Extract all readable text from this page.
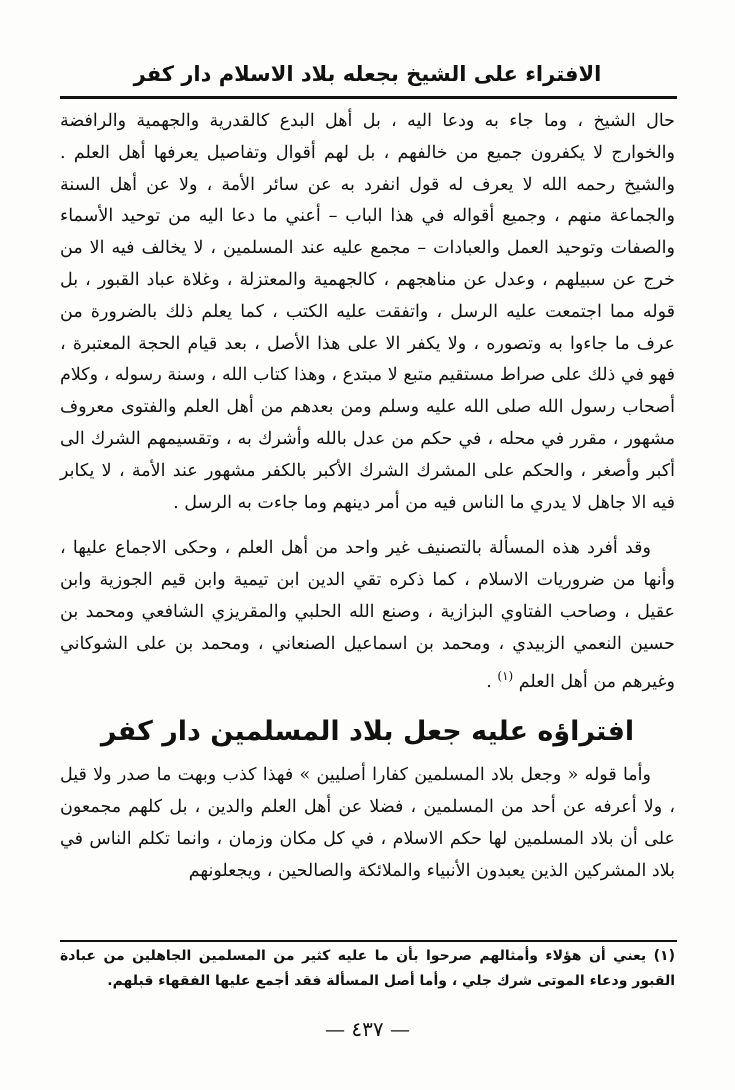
الافتراء على الشيخ بجعله بلاد الاسلام دار كفر

حال الشيخ ، وما جاء به ودعا اليه ، بل أهل البدع كالقدرية والجهمية والرافضة والخوارج لا يكفرون جميع من خالفهم ، بل لهم أقوال وتفاصيل يعرفها أهل العلم . والشيخ رحمه الله لا يعرف له قول انفرد به عن سائر الأمة ، ولا عن أهل السنة والجماعة منهم ، وجميع أقواله في هذا الباب – أعني ما دعا اليه من توحيد الأسماء والصفات وتوحيد العمل والعبادات – مجمع عليه عند المسلمين ، لا يخالف فيه الا من خرج عن سبيلهم ، وعدل عن مناهجهم ، كالجهمية والمعتزلة ، وغلاة عباد القبور ، بل قوله مما اجتمعت عليه الرسل ، واتفقت عليه الكتب ، كما يعلم ذلك بالضرورة من عرف ما جاءوا به وتصوره ، ولا يكفر الا على هذا الأصل ، بعد قيام الحجة المعتبرة ، فهو في ذلك على صراط مستقيم متبع لا مبتدع ، وهذا كتاب الله ، وسنة رسوله ، وكلام أصحاب رسول الله صلى الله عليه وسلم ومن بعدهم من أهل العلم والفتوى معروف مشهور ، مقرر في محله ، في حكم من عدل بالله وأشرك به ، وتقسيمهم الشرك الى أكبر وأصغر ، والحكم على المشرك الشرك الأكبر بالكفر مشهور عند الأمة ، لا يكابر فيه الا جاهل لا يدري ما الناس فيه من أمر دينهم وما جاءت به الرسل .

وقد أفرد هذه المسألة بالتصنيف غير واحد من أهل العلم ، وحكى الاجماع عليها ، وأنها من ضروريات الاسلام ، كما ذكره تقي الدين ابن تيمية وابن قيم الجوزية وابن عقيل ، وصاحب الفتاوي البزازية ، وصنع الله الحلبي والمقريزي الشافعي ومحمد بن حسين النعمي الزبيدي ، ومحمد بن اسماعيل الصنعاني ، ومحمد بن على الشوكاني وغيرهم من أهل العلم $^{(١)}$ .

افتراؤه عليه جعل بلاد المسلمين دار كفر

وأما قوله « وجعل بلاد المسلمين كفارا أصليين » فهذا كذب وبهت ما صدر ولا قيل ، ولا أعرفه عن أحد من المسلمين ، فضلا عن أهل العلم والدين ، بل كلهم مجمعون على أن بلاد المسلمين لها حكم الاسلام ، في كل مكان وزمان ، وانما تكلم الناس في بلاد المشركين الذين يعبدون الأنبياء والملائكة والصالحين ، ويجعلونهم

(١) يعني أن هؤلاء وأمثالهم صرحوا بأن ما عليه كثير من المسلمين الجاهلين من عبادة القبور ودعاء الموتى شرك جلي ، وأما أصل المسألة فقد أجمع عليها الفقهاء قبلهم.
— ٤٣٧ —
